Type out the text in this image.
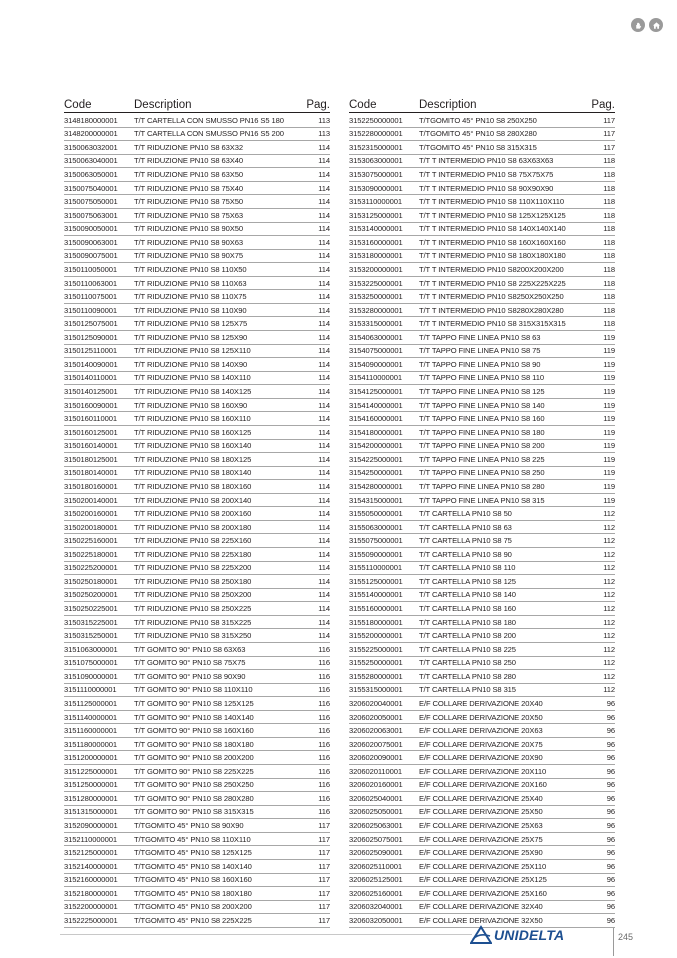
Code	Description	Pag.
3148180000001	T/T CARTELLA CON SMUSSO PN16 S5 180	113
3148200000001	T/T CARTELLA CON SMUSSO PN16 S5 200	113
3150063032001	T/T RIDUZIONE PN10 S8 63X32	114
3150063040001	T/T RIDUZIONE PN10 S8 63X40	114
3150063050001	T/T RIDUZIONE PN10 S8 63X50	114
3150075040001	T/T RIDUZIONE PN10 S8 75X40	114
3150075050001	T/T RIDUZIONE PN10 S8 75X50	114
3150075063001	T/T RIDUZIONE PN10 S8 75X63	114
3150090050001	T/T RIDUZIONE PN10 S8 90X50	114
3150090063001	T/T RIDUZIONE PN10 S8 90X63	114
3150090075001	T/T RIDUZIONE PN10 S8 90X75	114
3150110050001	T/T RIDUZIONE PN10 S8 110X50	114
3150110063001	T/T RIDUZIONE PN10 S8 110X63	114
3150110075001	T/T RIDUZIONE PN10 S8 110X75	114
3150110090001	T/T RIDUZIONE PN10 S8 110X90	114
3150125075001	T/T RIDUZIONE PN10 S8 125X75	114
3150125090001	T/T RIDUZIONE PN10 S8 125X90	114
3150125110001	T/T RIDUZIONE PN10 S8 125X110	114
3150140090001	T/T RIDUZIONE PN10 S8 140X90	114
3150140110001	T/T RIDUZIONE PN10 S8 140X110	114
3150140125001	T/T RIDUZIONE PN10 S8 140X125	114
3150160090001	T/T RIDUZIONE PN10 S8 160X90	114
3150160110001	T/T RIDUZIONE PN10 S8 160X110	114
3150160125001	T/T RIDUZIONE PN10 S8 160X125	114
3150160140001	T/T RIDUZIONE PN10 S8 160X140	114
3150180125001	T/T RIDUZIONE PN10 S8 180X125	114
3150180140001	T/T RIDUZIONE PN10 S8 180X140	114
3150180160001	T/T RIDUZIONE PN10 S8 180X160	114
3150200140001	T/T RIDUZIONE PN10 S8 200X140	114
3150200160001	T/T RIDUZIONE PN10 S8 200X160	114
3150200180001	T/T RIDUZIONE PN10 S8 200X180	114
3150225160001	T/T RIDUZIONE PN10 S8 225X160	114
3150225180001	T/T RIDUZIONE PN10 S8 225X180	114
3150225200001	T/T RIDUZIONE PN10 S8 225X200	114
3150250180001	T/T RIDUZIONE PN10 S8 250X180	114
3150250200001	T/T RIDUZIONE PN10 S8 250X200	114
3150250225001	T/T RIDUZIONE PN10 S8 250X225	114
3150315225001	T/T RIDUZIONE PN10 S8 315X225	114
3150315250001	T/T RIDUZIONE PN10 S8 315X250	114
3151063000001	T/T GOMITO 90° PN10 S8 63X63	116
3151075000001	T/T GOMITO 90° PN10 S8 75X75	116
3151090000001	T/T GOMITO 90° PN10 S8 90X90	116
3151110000001	T/T GOMITO 90° PN10 S8 110X110	116
3151125000001	T/T GOMITO 90° PN10 S8 125X125	116
3151140000001	T/T GOMITO 90° PN10 S8 140X140	116
3151160000001	T/T GOMITO 90° PN10 S8 160X160	116
3151180000001	T/T GOMITO 90° PN10 S8 180X180	116
3151200000001	T/T GOMITO 90° PN10 S8 200X200	116
3151225000001	T/T GOMITO 90° PN10 S8 225X225	116
3151250000001	T/T GOMITO 90° PN10 S8 250X250	116
3151280000001	T/T GOMITO 90° PN10 S8 280X280	116
3151315000001	T/T GOMITO 90° PN10 S8 315X315	116
3152090000001	T/TGOMITO 45° PN10 S8 90X90	117
3152110000001	T/TGOMITO 45° PN10 S8 110X110	117
3152125000001	T/TGOMITO 45° PN10 S8 125X125	117
3152140000001	T/TGOMITO 45° PN10 S8 140X140	117
3152160000001	T/TGOMITO 45° PN10 S8 160X160	117
3152180000001	T/TGOMITO 45° PN10 S8 180X180	117
3152200000001	T/TGOMITO 45° PN10 S8 200X200	117
3152225000001	T/TGOMITO 45° PN10 S8 225X225	117
Code	Description	Pag.
3152250000001	T/TGOMITO 45° PN10 S8 250X250	117
3152280000001	T/TGOMITO 45° PN10 S8 280X280	117
3152315000001	T/TGOMITO 45° PN10 S8 315X315	117
3153063000001	T/T T INTERMEDIO PN10 S8 63X63X63	118
3153075000001	T/T T INTERMEDIO PN10 S8 75X75X75	118
3153090000001	T/T T INTERMEDIO PN10 S8 90X90X90	118
3153110000001	T/T T INTERMEDIO PN10 S8 110X110X110	118
3153125000001	T/T T INTERMEDIO PN10 S8 125X125X125	118
3153140000001	T/T T INTERMEDIO PN10 S8 140X140X140	118
3153160000001	T/T T INTERMEDIO PN10 S8 160X160X160	118
3153180000001	T/T T INTERMEDIO PN10 S8 180X180X180	118
3153200000001	T/T T INTERMEDIO PN10 S8200X200X200	118
3153225000001	T/T T INTERMEDIO PN10 S8 225X225X225	118
3153250000001	T/T T INTERMEDIO PN10 S8250X250X250	118
3153280000001	T/T T INTERMEDIO PN10 S8280X280X280	118
3153315000001	T/T T INTERMEDIO PN10 S8 315X315X315	118
3154063000001	T/T TAPPO FINE LINEA PN10 S8 63	119
3154075000001	T/T TAPPO FINE LINEA PN10 S8 75	119
3154090000001	T/T TAPPO FINE LINEA PN10 S8 90	119
3154110000001	T/T TAPPO FINE LINEA PN10 S8 110	119
3154125000001	T/T TAPPO FINE LINEA PN10 S8 125	119
3154140000001	T/T TAPPO FINE LINEA PN10 S8 140	119
3154160000001	T/T TAPPO FINE LINEA PN10 S8 160	119
3154180000001	T/T TAPPO FINE LINEA PN10 S8 180	119
3154200000001	T/T TAPPO FINE LINEA PN10 S8 200	119
3154225000001	T/T TAPPO FINE LINEA PN10 S8 225	119
3154250000001	T/T TAPPO FINE LINEA PN10 S8 250	119
3154280000001	T/T TAPPO FINE LINEA PN10 S8 280	119
3154315000001	T/T TAPPO FINE LINEA PN10 S8 315	119
3155050000001	T/T CARTELLA PN10 S8 50	112
3155063000001	T/T CARTELLA PN10 S8 63	112
3155075000001	T/T CARTELLA PN10 S8 75	112
3155090000001	T/T CARTELLA PN10 S8 90	112
3155110000001	T/T CARTELLA PN10 S8 110	112
3155125000001	T/T CARTELLA PN10 S8 125	112
3155140000001	T/T CARTELLA PN10 S8 140	112
3155160000001	T/T CARTELLA PN10 S8 160	112
3155180000001	T/T CARTELLA PN10 S8 180	112
3155200000001	T/T CARTELLA PN10 S8 200	112
3155225000001	T/T CARTELLA PN10 S8 225	112
3155250000001	T/T CARTELLA PN10 S8 250	112
3155280000001	T/T CARTELLA PN10 S8 280	112
3155315000001	T/T CARTELLA PN10 S8 315	112
3206020040001	E/F COLLARE DERIVAZIONE 20X40	96
3206020050001	E/F COLLARE DERIVAZIONE 20X50	96
3206020063001	E/F COLLARE DERIVAZIONE 20X63	96
3206020075001	E/F COLLARE DERIVAZIONE 20X75	96
3206020090001	E/F COLLARE DERIVAZIONE 20X90	96
3206020110001	E/F COLLARE DERIVAZIONE 20X110	96
3206020160001	E/F COLLARE DERIVAZIONE 20X160	96
3206025040001	E/F COLLARE DERIVAZIONE 25X40	96
3206025050001	E/F COLLARE DERIVAZIONE 25X50	96
3206025063001	E/F COLLARE DERIVAZIONE 25X63	96
3206025075001	E/F COLLARE DERIVAZIONE 25X75	96
3206025090001	E/F COLLARE DERIVAZIONE 25X90	96
3206025110001	E/F COLLARE DERIVAZIONE 25X110	96
3206025125001	E/F COLLARE DERIVAZIONE 25X125	96
3206025160001	E/F COLLARE DERIVAZIONE 25X160	96
3206032040001	E/F COLLARE DERIVAZIONE 32X40	96
3206032050001	E/F COLLARE DERIVAZIONE 32X50	96
UNIDELTA	245
